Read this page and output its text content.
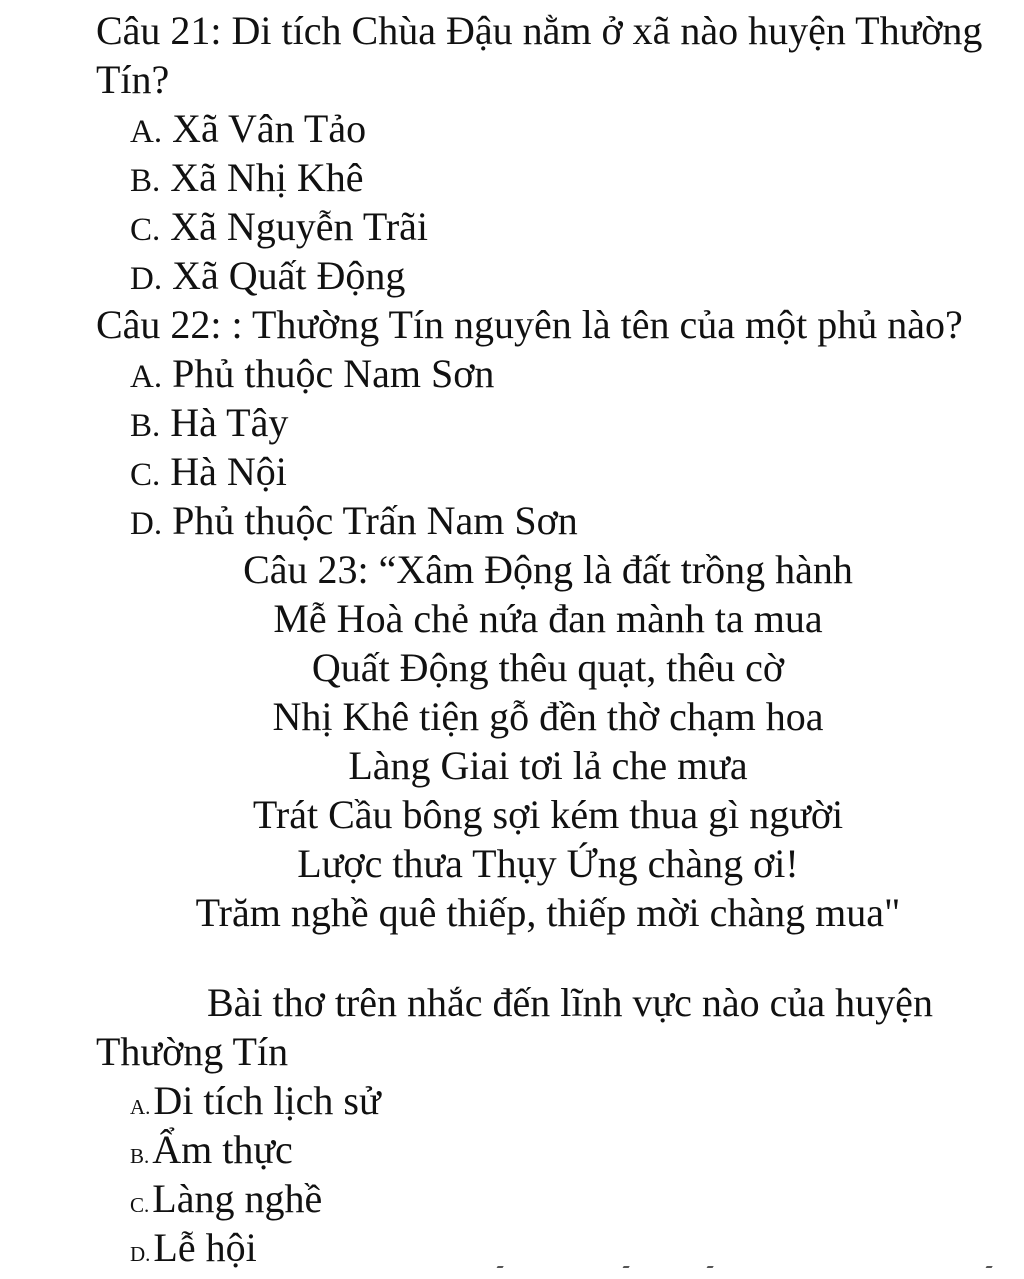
Câu 21: Di tích Chùa Đậu nằm ở xã nào huyện Thường
Tín?
A. Xã Vân Tảo
B. Xã Nhị Khê
C. Xã Nguyễn Trãi
D. Xã Quất Động
Câu 22: : Thường Tín nguyên là tên của một phủ nào?
A. Phủ thuộc Nam Sơn
B. Hà Tây
C. Hà Nội
D. Phủ thuộc Trấn Nam Sơn
Câu 23: “Xâm Động là đất trồng hành
Mễ Hoà chẻ nứa đan mành ta mua
Quất Động thêu quạt, thêu cờ
Nhị Khê tiện gỗ đền thờ chạm hoa
Làng Giai tơi lả che mưa
Trát Cầu bông sợi kém thua gì người
Lược thưa Thụy Ứng chàng ơi!
Trăm nghề quê thiếp, thiếp mời chàng mua"
Bài thơ trên nhắc đến lĩnh vực nào của huyện
Thường Tín
A.Di tích lịch sử
B.Ẩm thực
C.Làng nghề
D.Lễ hội
